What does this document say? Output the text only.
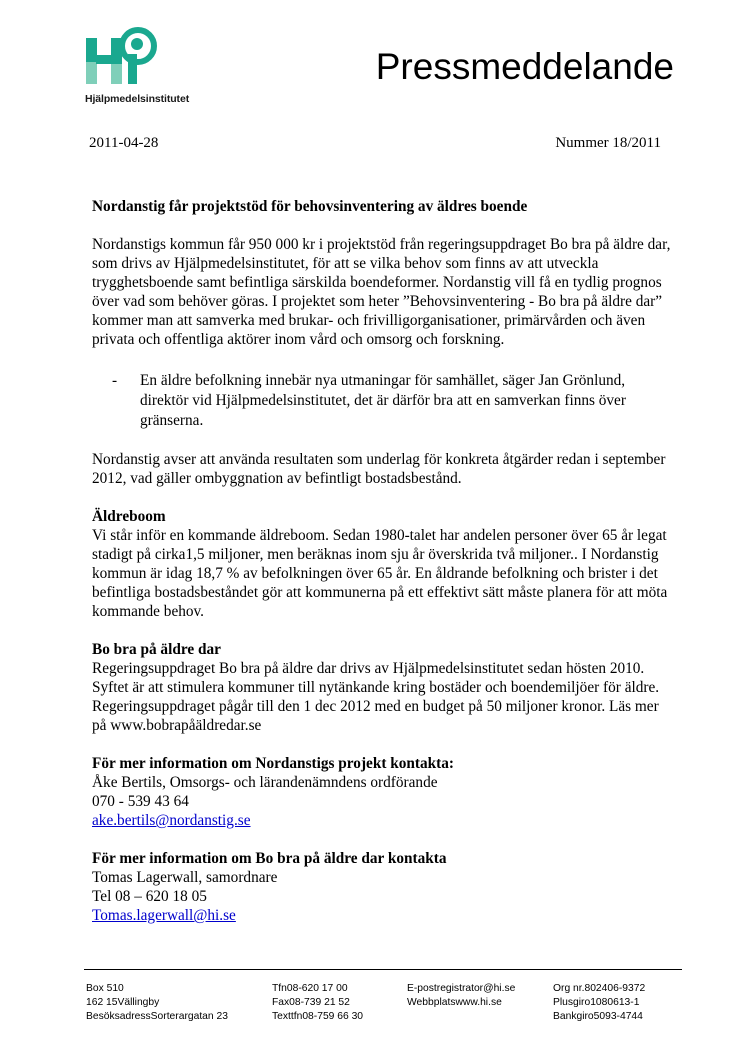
Hjälpmedelsinstitutet
Pressmeddelande
2011-04-28	Nummer 18/2011

Nordanstig får projektstöd för behovsinventering av äldres boende

Nordanstigs kommun får 950 000 kr i projektstöd från regeringsuppdraget Bo bra på äldre dar, som drivs av Hjälpmedelsinstitutet, för att se vilka behov som finns av att utveckla trygghetsboende samt befintliga särskilda boendeformer. Nordanstig vill få en tydlig prognos över vad som behöver göras. I projektet som heter ”Behovsinventering - Bo bra på äldre dar” kommer man att samverka med brukar- och frivilligorganisationer, primärvården och även privata och offentliga aktörer inom vård och omsorg och forskning.

-	En äldre befolkning innebär nya utmaningar för samhället, säger Jan Grönlund, direktör vid Hjälpmedelsinstitutet, det är därför bra att en samverkan finns över gränserna.

Nordanstig avser att använda resultaten som underlag för konkreta åtgärder redan i september 2012, vad gäller ombyggnation av befintligt bostadsbestånd.

Äldreboom

Vi står inför en kommande äldreboom. Sedan 1980-talet har andelen personer över 65 år legat stadigt på cirka1,5 miljoner, men beräknas inom sju år överskrida två miljoner.. I Nordanstig kommun är idag 18,7 % av befolkningen över 65 år. En åldrande befolkning och brister i det befintliga bostadsbeståndet gör att kommunerna på ett effektivt sätt måste planera för att möta kommande behov.

Bo bra på äldre dar

Regeringsuppdraget Bo bra på äldre dar drivs av Hjälpmedelsinstitutet sedan hösten 2010. Syftet är att stimulera kommuner till nytänkande kring bostäder och boendemiljöer för äldre. Regeringsuppdraget pågår till den 1 dec 2012 med en budget på 50 miljoner kronor. Läs mer på www.bobrapåäldredar.se

För mer information om Nordanstigs projekt kontakta:

Åke Bertils, Omsorgs- och lärandenämndens ordförande

070 - 539 43 64

ake.bertils@nordanstig.se

För mer information om Bo bra på äldre dar kontakta

Tomas Lagerwall, samordnare

Tel 08 – 620 18 05

Tomas.lagerwall@hi.se

Box 510
162 15Vällingby
BesöksadressSorterargatan 23
Tfn08-620 17 00
Fax08-739 21 52
Texttfn08-759 66 30
E-postregistrator@hi.se
Webbplatswww.hi.se
Org nr.802406-9372
Plusgiro1080613-1
Bankgiro5093-4744
